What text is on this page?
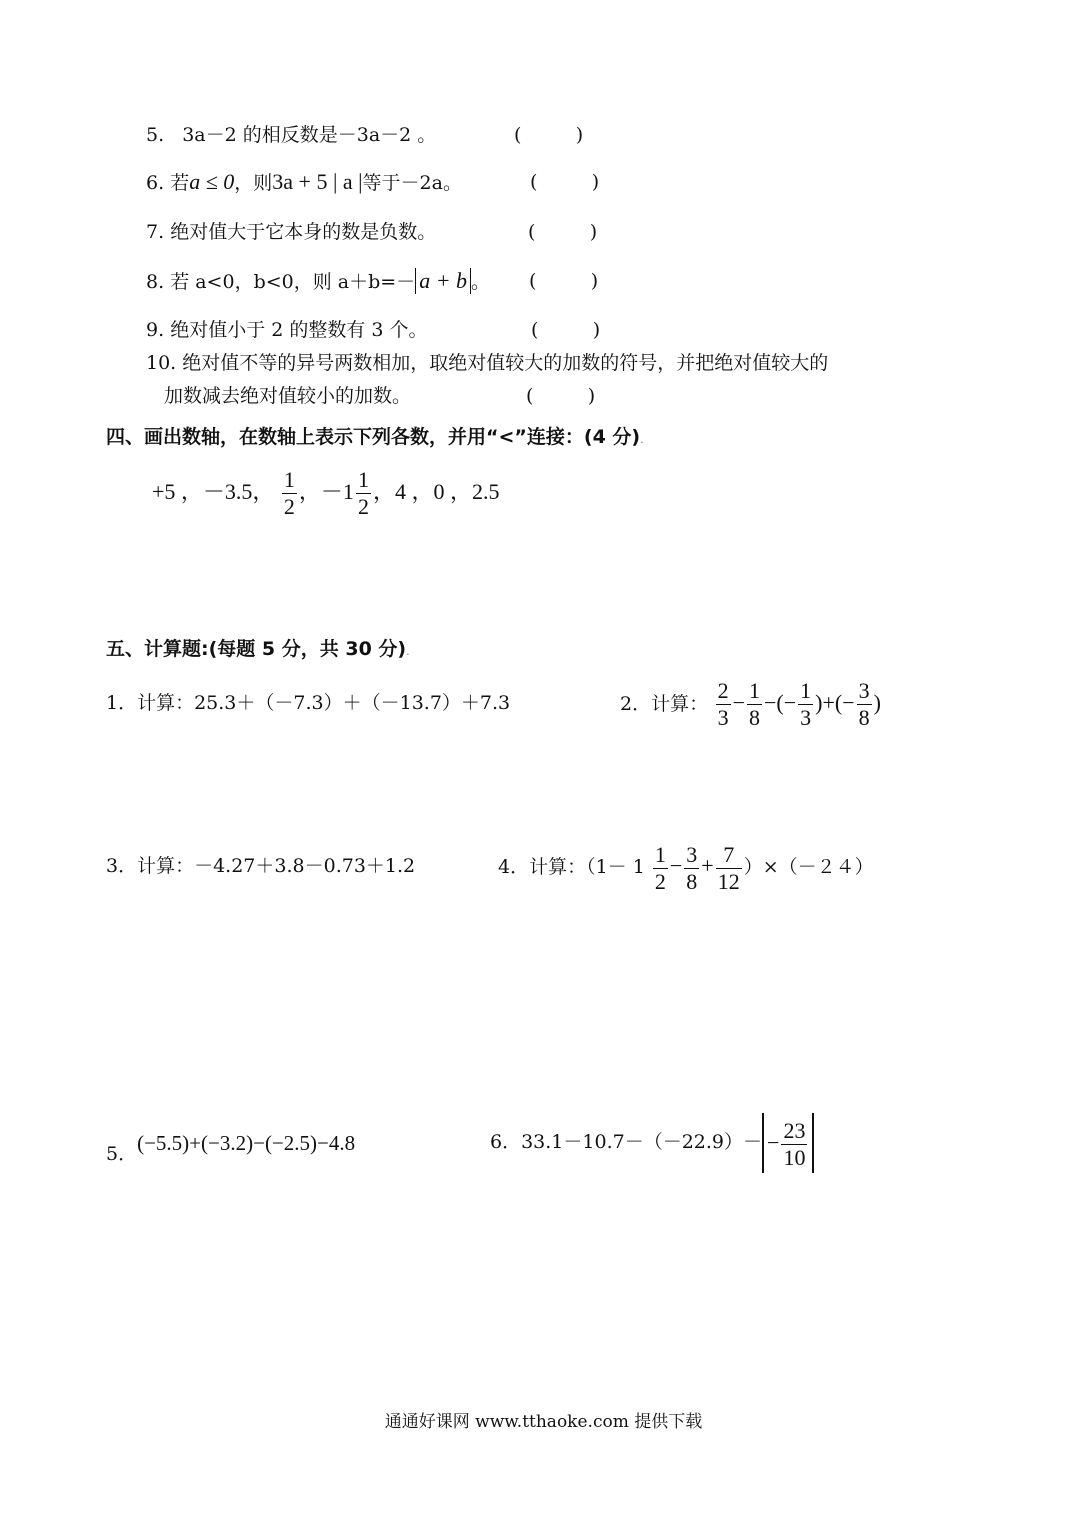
5. 3a－2 的相反数是－3a－2 。	(         )
6. 若a ≤ 0，则3a + 5 | a |等于－2a。	(         )
7. 绝对值大于它本身的数是负数。	(         )
8. 若 a<0，b<0，则 a＋b=－ a + b 。 (         )
9. 绝对值小于 2 的整数有 3 个。	(         )
10. 绝对值不等的异号两数相加，取绝对值较大的加数的符号，并把绝对值较大的
加数减去绝对值较小的加数。	(         )
四、画出数轴，在数轴上表示下列各数，并用“<”连接：(4 分).
+5 ，－3.5， $\frac{1}{2}$ ，$-1 \frac{1}{2}$ ，4 ，0 ，2.5
五、计算题:(每题 5 分，共 30 分).
1．计算：25.3＋（－7.3）＋（－13.7）＋7.3	2．计算： $\frac{2}{3} - \frac{1}{8}$ −(− $\frac{1}{3}$ )+(− $\frac{3}{8}$ )
3．计算：－4.27＋3.8－0.73＋1.2	4．计算：$(1- 1 \frac{1}{2} - \frac{3}{8} + \frac{7}{12} )\times(-24)$
5．(−5.5)+(−3.2)−(−2.5)−4.8	6．$33.1-10.7-(-22.9)- - \frac{23}{10}$
通通好课网 www.tthaoke.com 提供下载
